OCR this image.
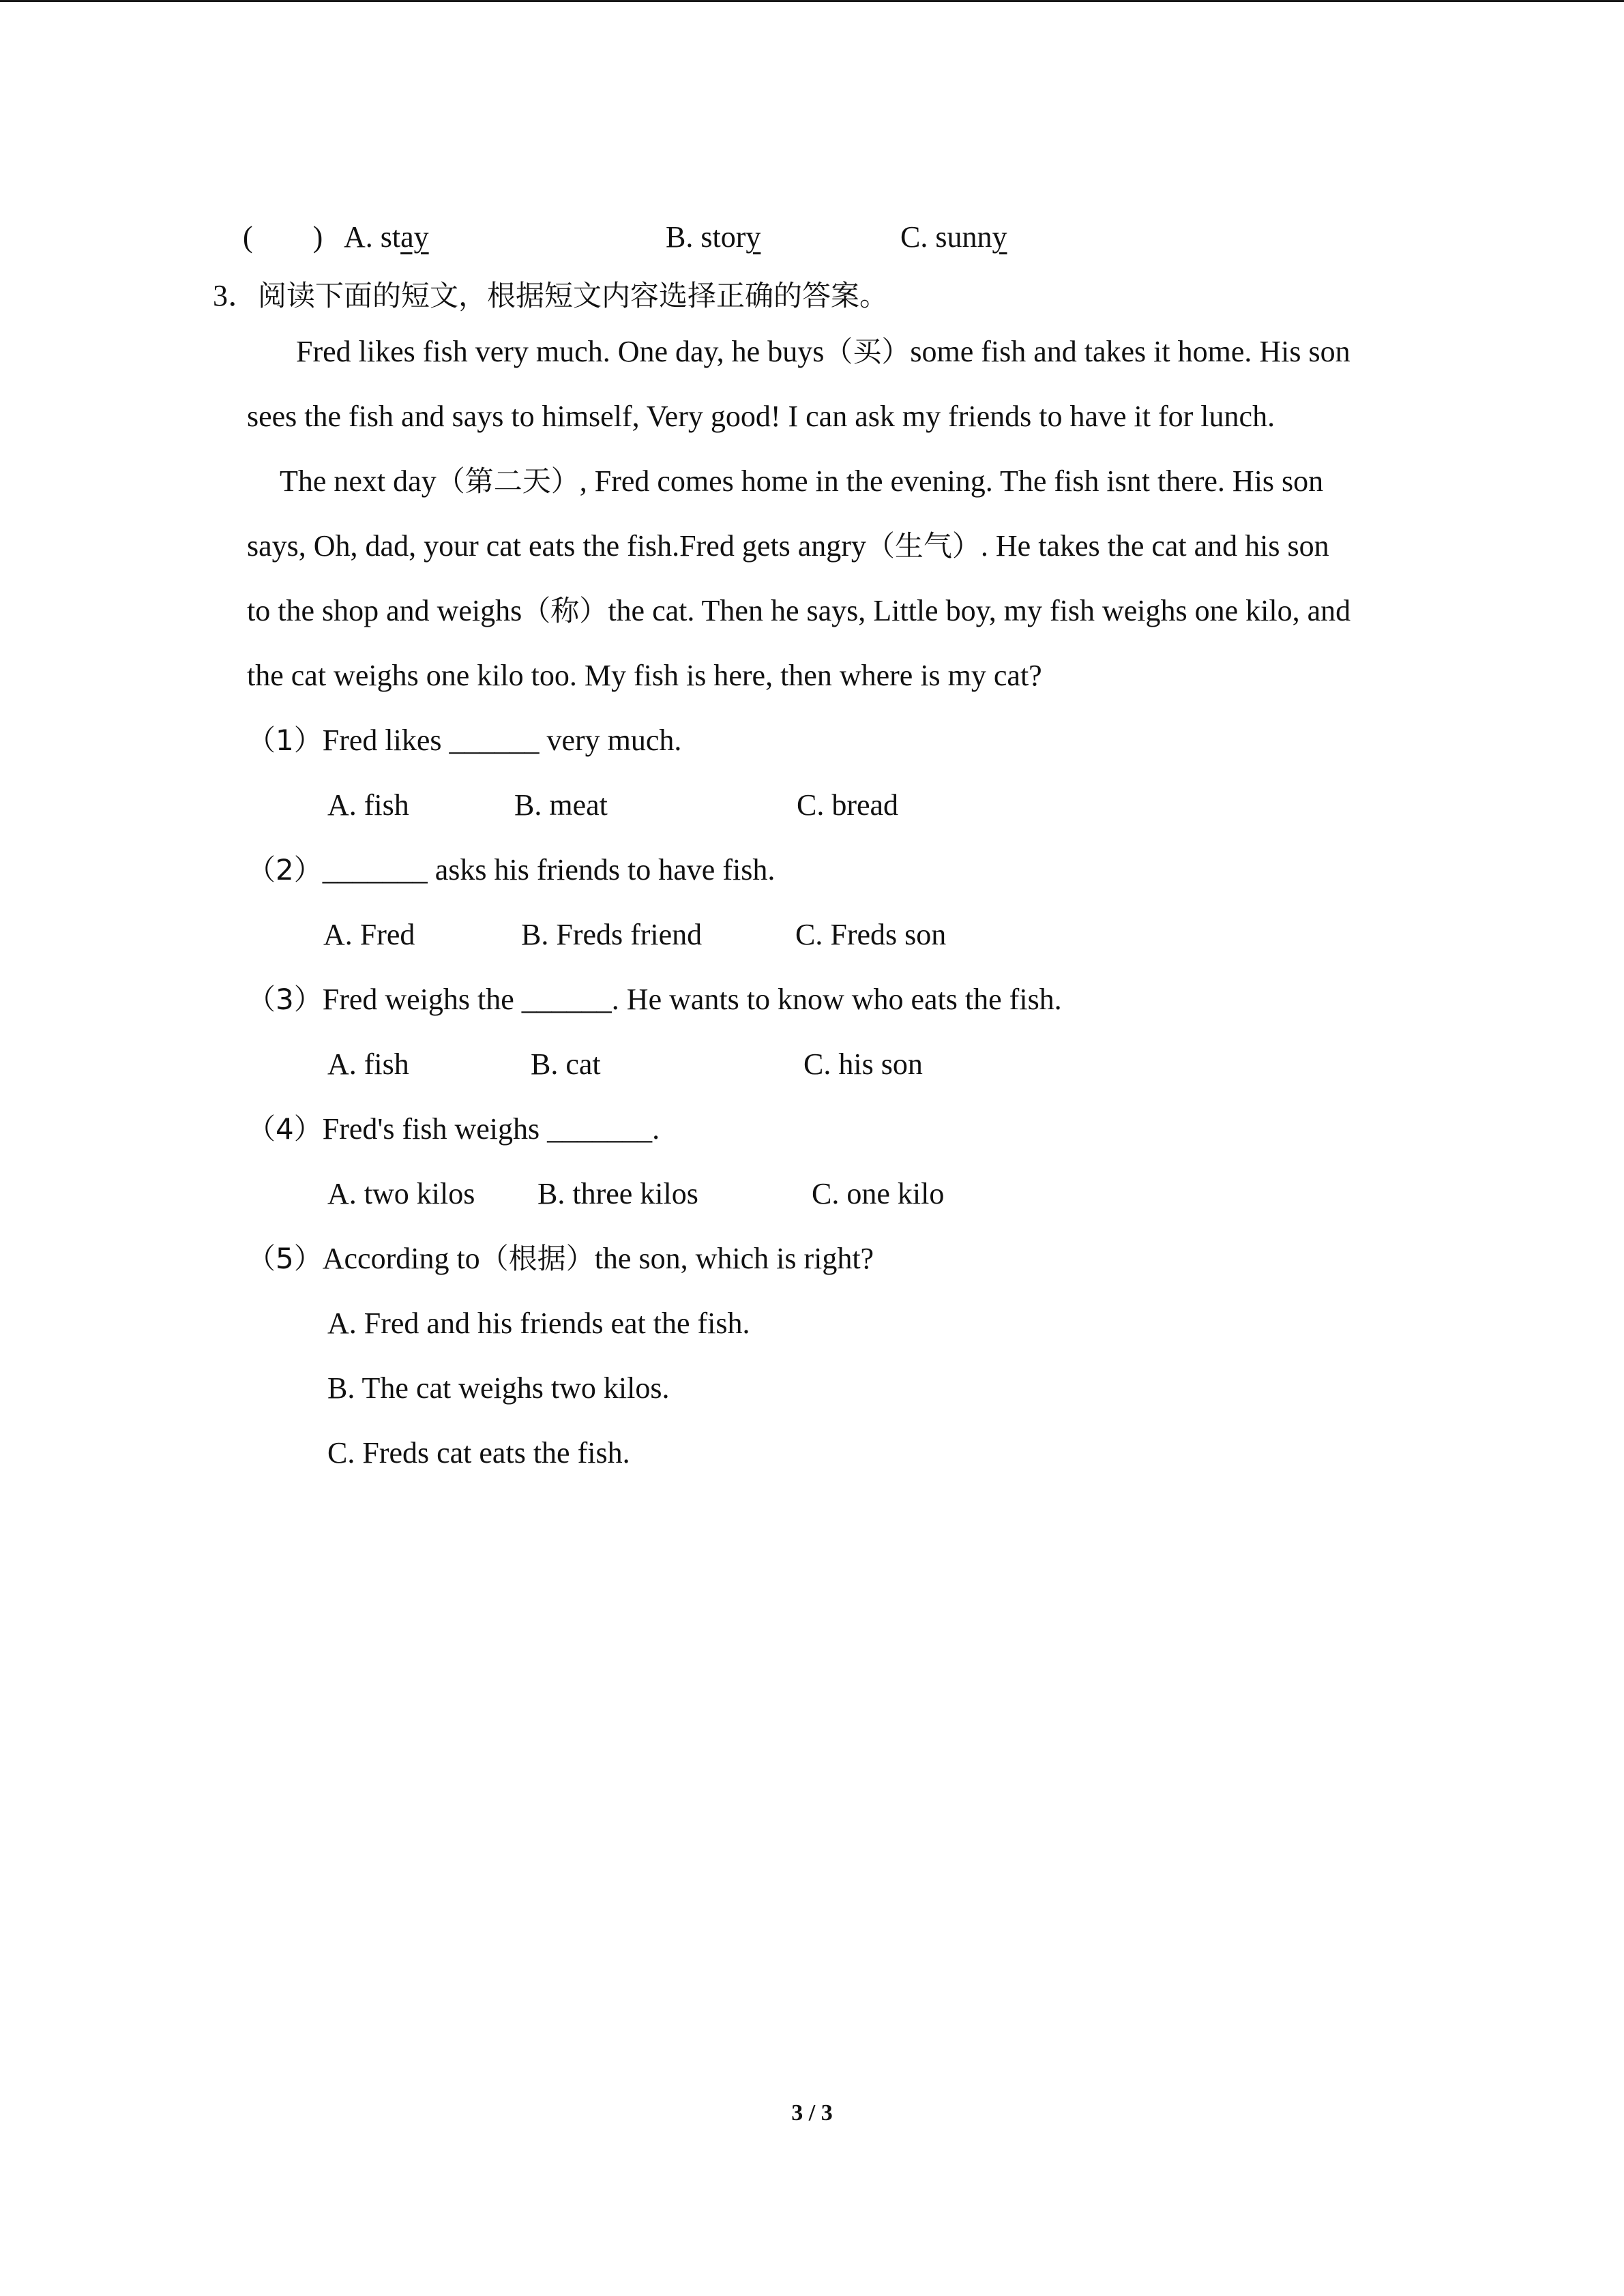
(　　) A. stay	B. story	C. sunny
3．阅读下面的短文，根据短文内容选择正确的答案。
Fred likes fish very much. One day, he buys（买）some fish and takes it home. His son
sees the fish and says to himself, Very good! I can ask my friends to have it for lunch.
The next day（第二天）, Fred comes home in the evening. The fish isnt there. His son
says, Oh, dad, your cat eats the fish.Fred gets angry（生气）. He takes the cat and his son
to the shop and weighs（称）the cat. Then he says, Little boy, my fish weighs one kilo, and
the cat weighs one kilo too. My fish is here, then where is my cat?
（1）Fred likes ______ very much.
A. fish	B. meat	C. bread
（2）_______ asks his friends to have fish.
A. Fred	B. Freds friend	C. Freds son
（3）Fred weighs the ______. He wants to know who eats the fish.
A. fish	B. cat	C. his son
（4）Fred's fish weighs _______.
A. two kilos B. three kilos	C. one kilo
（5）According to（根据）the son, which is right?
A. Fred and his friends eat the fish.
B. The cat weighs two kilos.
C. Freds cat eats the fish.
3 / 3
